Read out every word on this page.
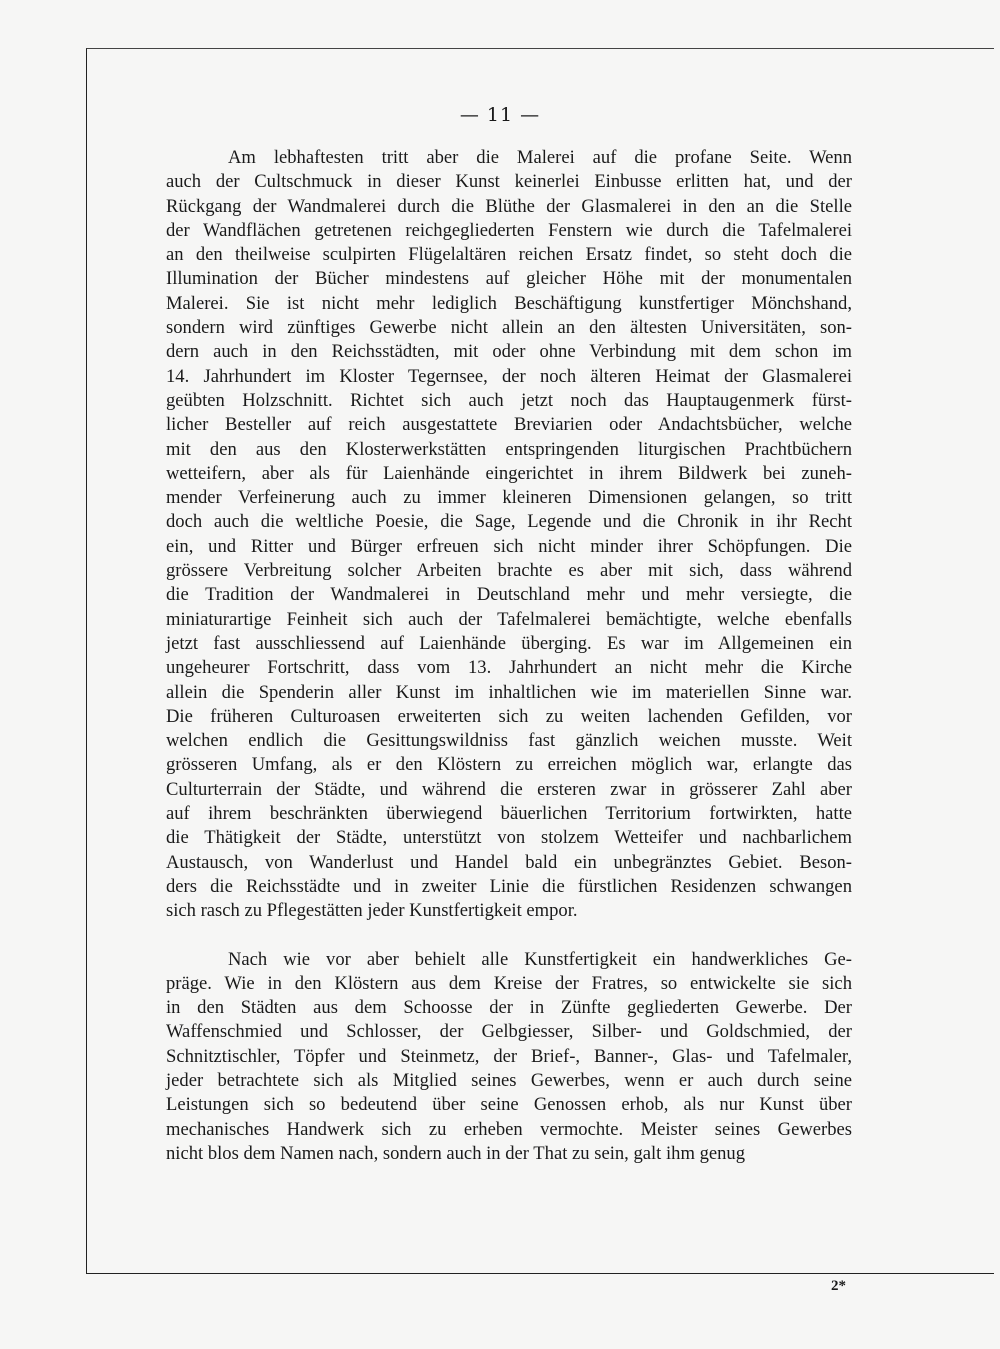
— 11 —
Am lebhaftesten tritt aber die Malerei auf die profane Seite. Wenn
auch der Cultschmuck in dieser Kunst keinerlei Einbusse erlitten hat, und der
Rückgang der Wandmalerei durch die Blüthe der Glasmalerei in den an die Stelle
der Wandflächen getretenen reichgegliederten Fenstern wie durch die Tafelmalerei
an den theilweise sculpirten Flügelaltären reichen Ersatz findet, so steht doch die
Illumination der Bücher mindestens auf gleicher Höhe mit der monumentalen
Malerei. Sie ist nicht mehr lediglich Beschäftigung kunstfertiger Mönchshand,
sondern wird zünftiges Gewerbe nicht allein an den ältesten Universitäten, son-
dern auch in den Reichsstädten, mit oder ohne Verbindung mit dem schon im
14. Jahrhundert im Kloster Tegernsee, der noch älteren Heimat der Glasmalerei
geübten Holzschnitt. Richtet sich auch jetzt noch das Hauptaugenmerk fürst-
licher Besteller auf reich ausgestattete Breviarien oder Andachtsbücher, welche
mit den aus den Klosterwerkstätten entspringenden liturgischen Prachtbüchern
wetteifern, aber als für Laienhände eingerichtet in ihrem Bildwerk bei zuneh-
mender Verfeinerung auch zu immer kleineren Dimensionen gelangen, so tritt
doch auch die weltliche Poesie, die Sage, Legende und die Chronik in ihr Recht
ein, und Ritter und Bürger erfreuen sich nicht minder ihrer Schöpfungen. Die
grössere Verbreitung solcher Arbeiten brachte es aber mit sich, dass während
die Tradition der Wandmalerei in Deutschland mehr und mehr versiegte, die
miniaturartige Feinheit sich auch der Tafelmalerei bemächtigte, welche ebenfalls
jetzt fast ausschliessend auf Laienhände überging. Es war im Allgemeinen ein
ungeheurer Fortschritt, dass vom 13. Jahrhundert an nicht mehr die Kirche
allein die Spenderin aller Kunst im inhaltlichen wie im materiellen Sinne war.
Die früheren Culturoasen erweiterten sich zu weiten lachenden Gefilden, vor
welchen endlich die Gesittungswildniss fast gänzlich weichen musste. Weit
grösseren Umfang, als er den Klöstern zu erreichen möglich war, erlangte das
Culturterrain der Städte, und während die ersteren zwar in grösserer Zahl aber
auf ihrem beschränkten überwiegend bäuerlichen Territorium fortwirkten, hatte
die Thätigkeit der Städte, unterstützt von stolzem Wetteifer und nachbarlichem
Austausch, von Wanderlust und Handel bald ein unbegränztes Gebiet. Beson-
ders die Reichsstädte und in zweiter Linie die fürstlichen Residenzen schwangen
sich rasch zu Pflegestätten jeder Kunstfertigkeit empor.
Nach wie vor aber behielt alle Kunstfertigkeit ein handwerkliches Ge-
präge. Wie in den Klöstern aus dem Kreise der Fratres, so entwickelte sie sich
in den Städten aus dem Schoosse der in Zünfte gegliederten Gewerbe. Der
Waffenschmied und Schlosser, der Gelbgiesser, Silber- und Goldschmied, der
Schnitztischler, Töpfer und Steinmetz, der Brief-, Banner-, Glas- und Tafelmaler,
jeder betrachtete sich als Mitglied seines Gewerbes, wenn er auch durch seine
Leistungen sich so bedeutend über seine Genossen erhob, als nur Kunst über
mechanisches Handwerk sich zu erheben vermochte. Meister seines Gewerbes
nicht blos dem Namen nach, sondern auch in der That zu sein, galt ihm genug
2*
